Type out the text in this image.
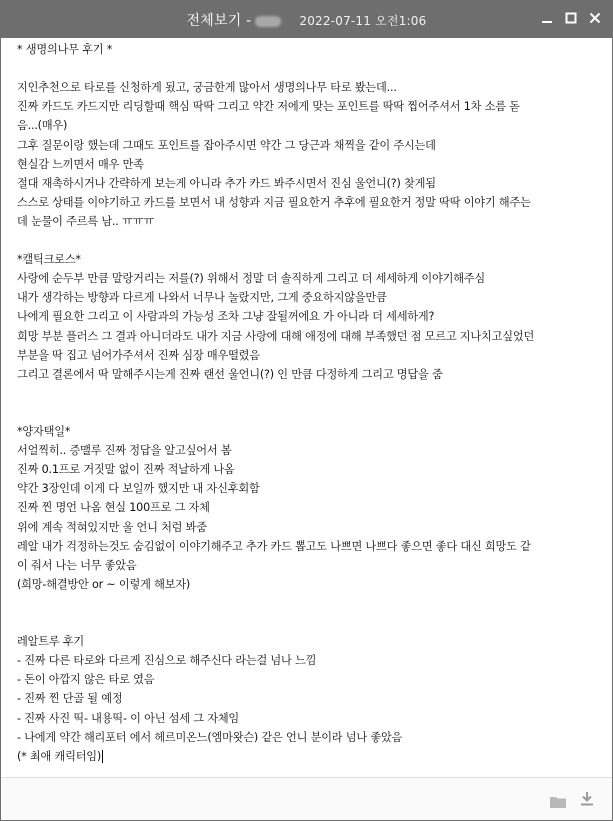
전체보기 -	2022-07-11 오전1:06
* 생명의나무 후기 *
지인추천으로 타로를 신청하게 됬고, 궁금한게 많아서 생명의나무 타로 봤는데...
진짜 카드도 카드지만 리딩할때 핵심 딱딱 그리고 약간 저에게 맞는 포인트를 딱딱 찝어주셔서 1차 소름 돋
음...(매우)
그후 질문이랑 했는데 그때도 포인트를 잡아주시면 약간 그 당근과 채찍을 같이 주시는데
현실감 느끼면서 매우 만족
절대 재촉하시거나 간략하게 보는게 아니라 추가 카드 봐주시면서 진심 울언니(?) 찾게됨
스스로 상태를 이야기하고 카드를 보면서 내 성향과 지금 필요한거 추후에 필요한거 정말 딱딱 이야기 해주는
데 눈물이 주르륵 남.. ㅠㅠㅠ
*캘틱크로스*
사랑에 순두부 만큼 말랑거리는 저를(?) 위해서 정말 더 솔직하게 그리고 더 세세하게 이야기해주심
내가 생각하는 방향과 다르게 나와서 너무나 놀랐지만, 그게 중요하지않을만큼
나에게 필요한 그리고 이 사람과의 가능성 조차 그냥 잘될꺼에요 가 아니라 더 세세하게?
희망 부분 플러스 그 결과 아니더라도 내가 지금 사랑에 대해 애정에 대해 부족했던 점 모르고 지나치고싶었던
부분을 딱 집고 넘어가주셔서 진짜 심장 매우떨렸음
그리고 결론에서 딱 말해주시는게 진짜 랜선 울언니(?) 인 만큼 다정하게 그리고 명답을 줌
*양자택일*
서얼찍히.. 증맬루 진짜 정답을 알고싶어서 봄
진짜 0.1프로 거짓말 없이 진짜 적날하게 나옴
약간 3장인데 이게 다 보일까 했지만 내 자신후회함
진짜 찐 명언 나옴 현실 100프로 그 자체
위에 계속 적혀있지만 울 언니 처럼 봐줌
레알 내가 걱정하는것도 숨김없이 이야기해주고 추가 카드 뽑고도 나쁘면 나쁘다 좋으면 좋다 대신 희망도 같
이 줘서 나는 너무 좋았음
(희망-해결방안 or ~ 이렇게 해보자)
레알트루 후기
- 진짜 다른 타로와 다르게 진심으로 해주신다 라는걸 넘나 느낌
- 돈이 아깝지 않은 타로 였음
- 진짜 찐 단골 될 예정
- 진짜 사진 띡- 내용띡- 이 아닌 섬세 그 자체임
- 나에게 약간 해리포터 에서 헤르미온느(엠마왓슨) 같은 언니 분이라 넘나 좋았음
(* 최애 캐릭터임)
